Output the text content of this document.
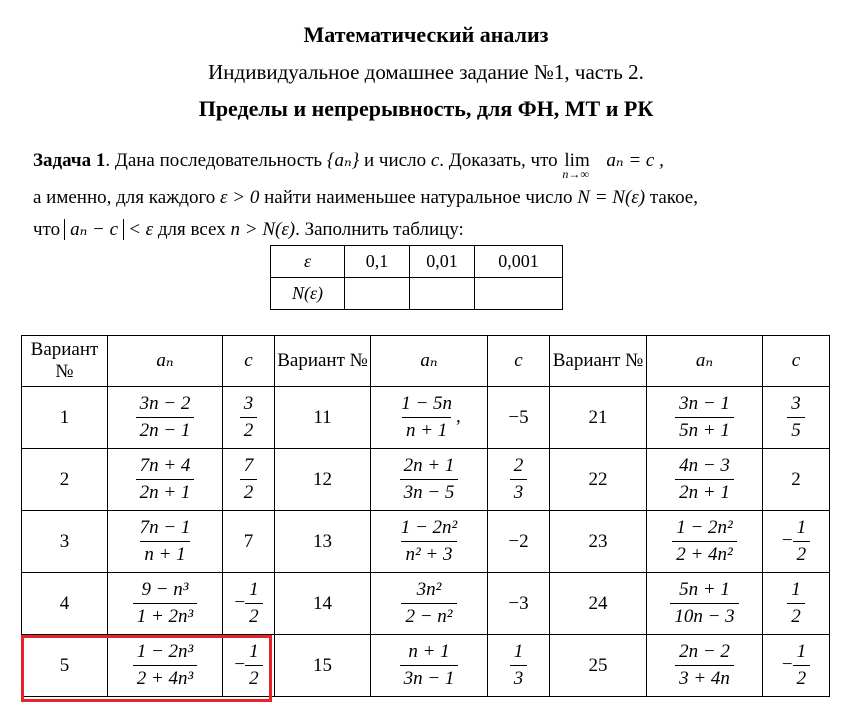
Математический анализ
Индивидуальное домашнее задание №1, часть 2.
Пределы и непрерывность, для ФН, МТ и РК
Задача 1. Дана последовательность {aₙ} и число c. Доказать, что lim
n→∞
aₙ = c ,
а именно, для каждого ε > 0 найти наименьшее натуральное число N = N(ε) такое,
что aₙ − c < ε для всех n > N(ε). Заполнить таблицу:
ε	0,1	0,01	0,001
N(ε)			
Вариант №	aₙ	c	Вариант №	aₙ	c	Вариант №	aₙ	c
1	$\frac{3n - 2}{2n - 1}$	$\frac{3}{2}$	11	$\frac{1 - 5n}{n + 1}$ ,	−5	21	$\frac{3n - 1}{5n + 1}$	$\frac{3}{5}$

2	$\frac{7n + 4}{2n + 1}$	$\frac{7}{2}$	12	$\frac{2n + 1}{3n - 5}$	$\frac{2}{3}$	22	$\frac{4n - 3}{2n + 1}$	2
3	$\frac{7n - 1}{n + 1}$	7	13	$\frac{\text{1 − 2n²}}{\text{n² + 3}}$	−2	23	$\frac{\text{1 − 2n²}}{\text{2 + 4n²}}$	− $\frac{1}{2}$

4	$\frac{\text{9 − n³}}{\text{1 + 2n³}}$	− $\frac{1}{2}$	14	$\frac{\text{3n²}}{\text{2 − n²}}$	−3	24	$\frac{5n + 1}{10n - 3}$	$\frac{1}{2}$

5	$\frac{\text{1 − 2n³}}{\text{2 + 4n³}}$	− $\frac{1}{2}$	15	$\frac{n + 1}{3n - 1}$	$\frac{1}{3}$	25	$\frac{2n - 2}{3 + 4n}$	− $\frac{1}{2}$
